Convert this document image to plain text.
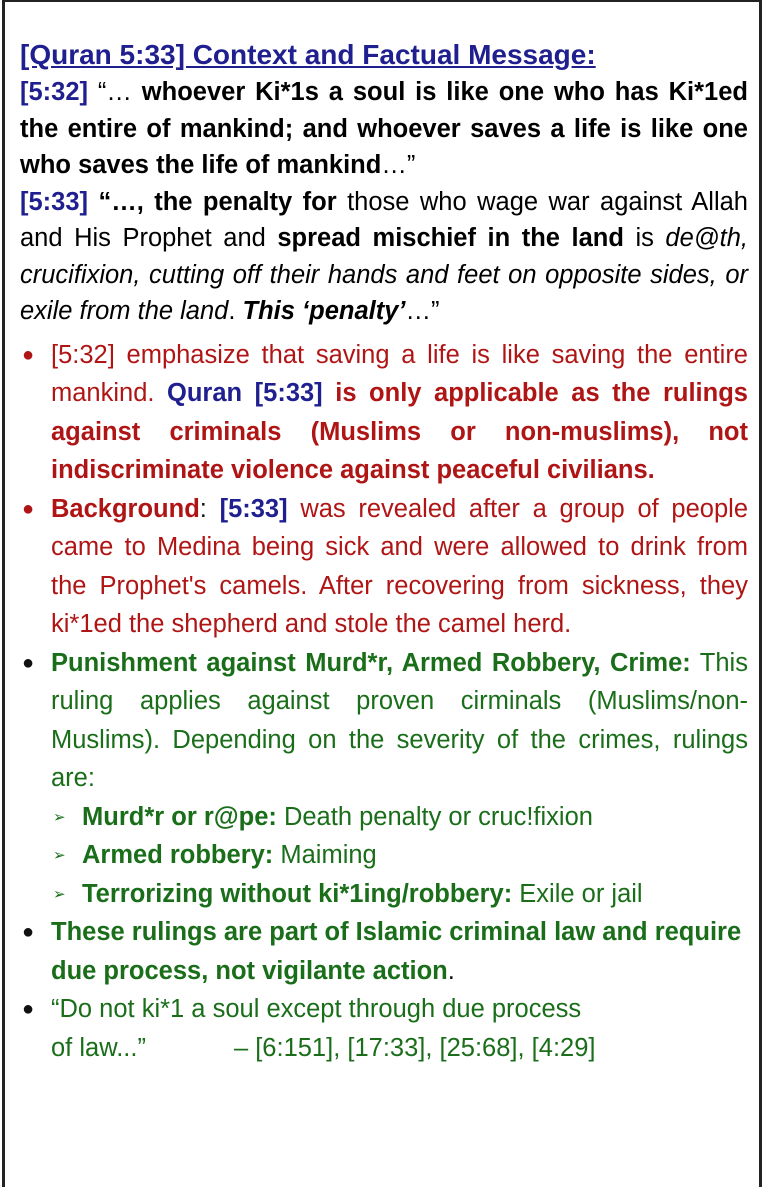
[Quran 5:33] Context and Factual Message:

[5:32] “… whoever Ki*1s a soul is like one who has Ki*1ed the entire of mankind; and whoever saves a life is like one who saves the life of mankind…”

[5:33] “…, the penalty for those who wage war against Allah and His Prophet and spread mischief in the land is de@th, crucifixion, cutting off their hands and feet on opposite sides, or exile from the land. This ‘penalty’…”

● [5:32] emphasize that saving a life is like saving the entire mankind. Quran [5:33] is only applicable as the rulings against criminals (Muslims or non-muslims), not indiscriminate violence against peaceful civilians.
● Background: [5:33] was revealed after a group of people came to Medina being sick and were allowed to drink from the Prophet's camels. After recovering from sickness, they ki*1ed the shepherd and stole the camel herd.
● Punishment against Murd*r, Armed Robbery, Crime: This ruling applies against proven cirminals (Muslims/non-Muslims). Depending on the severity of the crimes, rulings are:
➢ Murd*r or r@pe: Death penalty or cruc!fixion
➢ Armed robbery: Maiming
➢ Terrorizing without ki*1ing/robbery: Exile or jail
● These rulings are part of Islamic criminal law and require due process, not vigilante action.
● “Do not ki*1 a soul except through due process
of law...”	– [6:151], [17:33], [25:68], [4:29]
